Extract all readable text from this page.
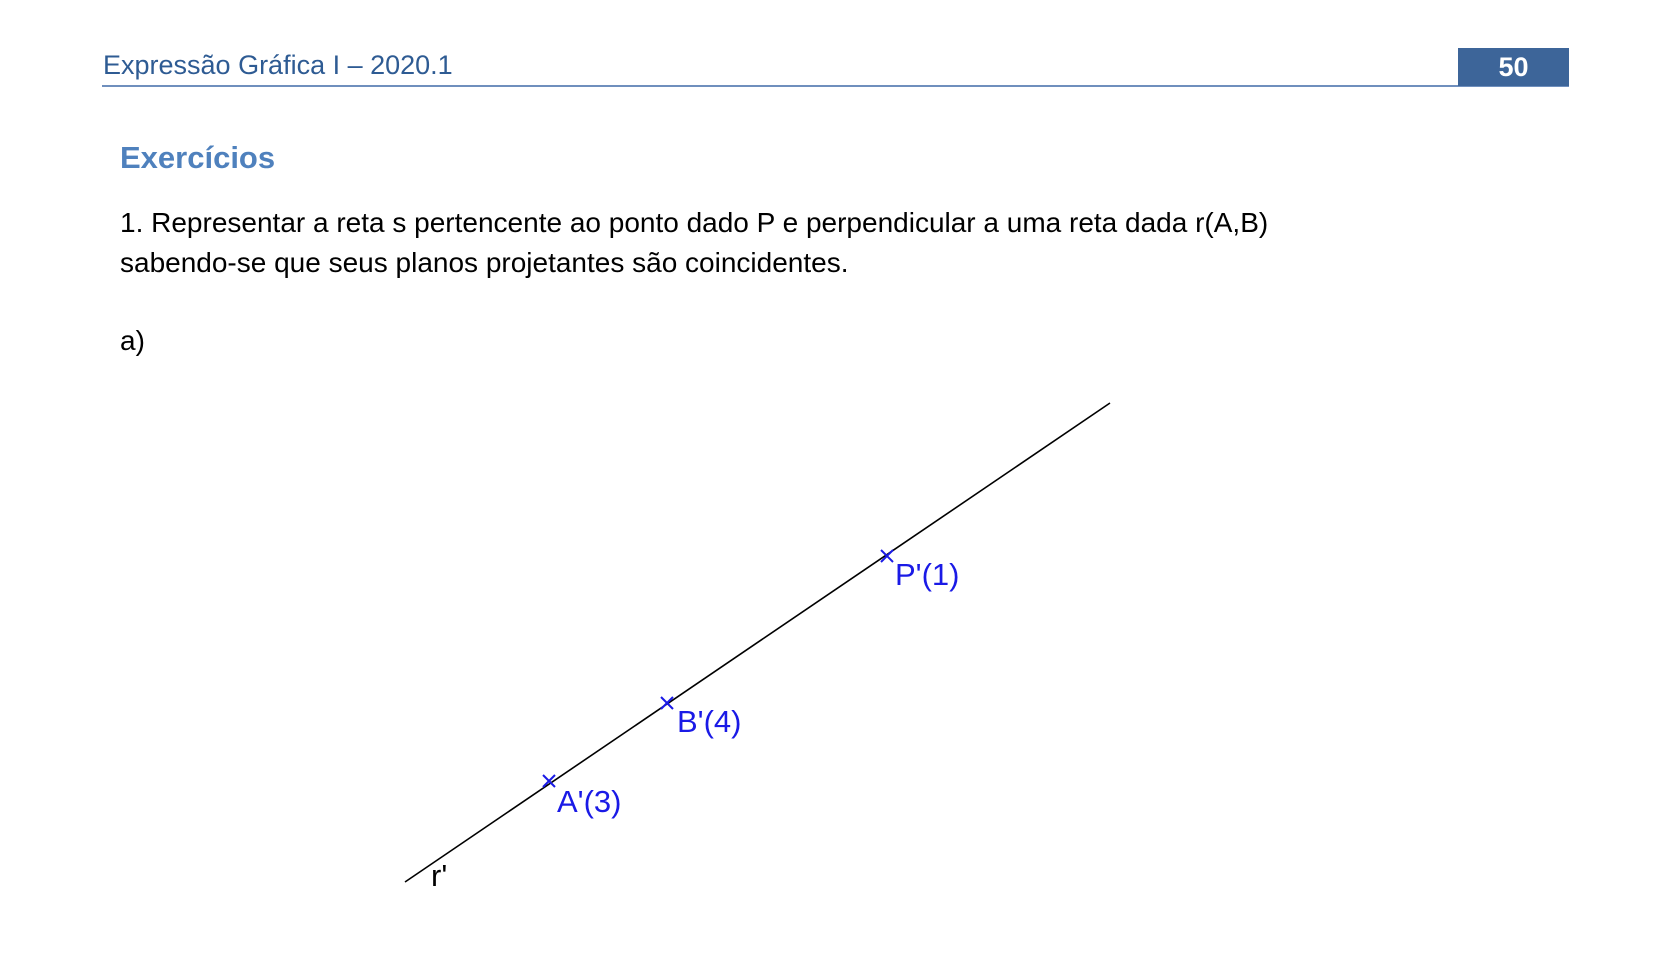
Expressão Gráfica I – 2020.1	50
Exercícios
1. Representar a reta s pertencente ao ponto dado P e perpendicular a uma reta dada r(A,B)
sabendo-se que seus planos projetantes são coincidentes.
a)
P'(1)
B'(4)
A'(3)
r'
